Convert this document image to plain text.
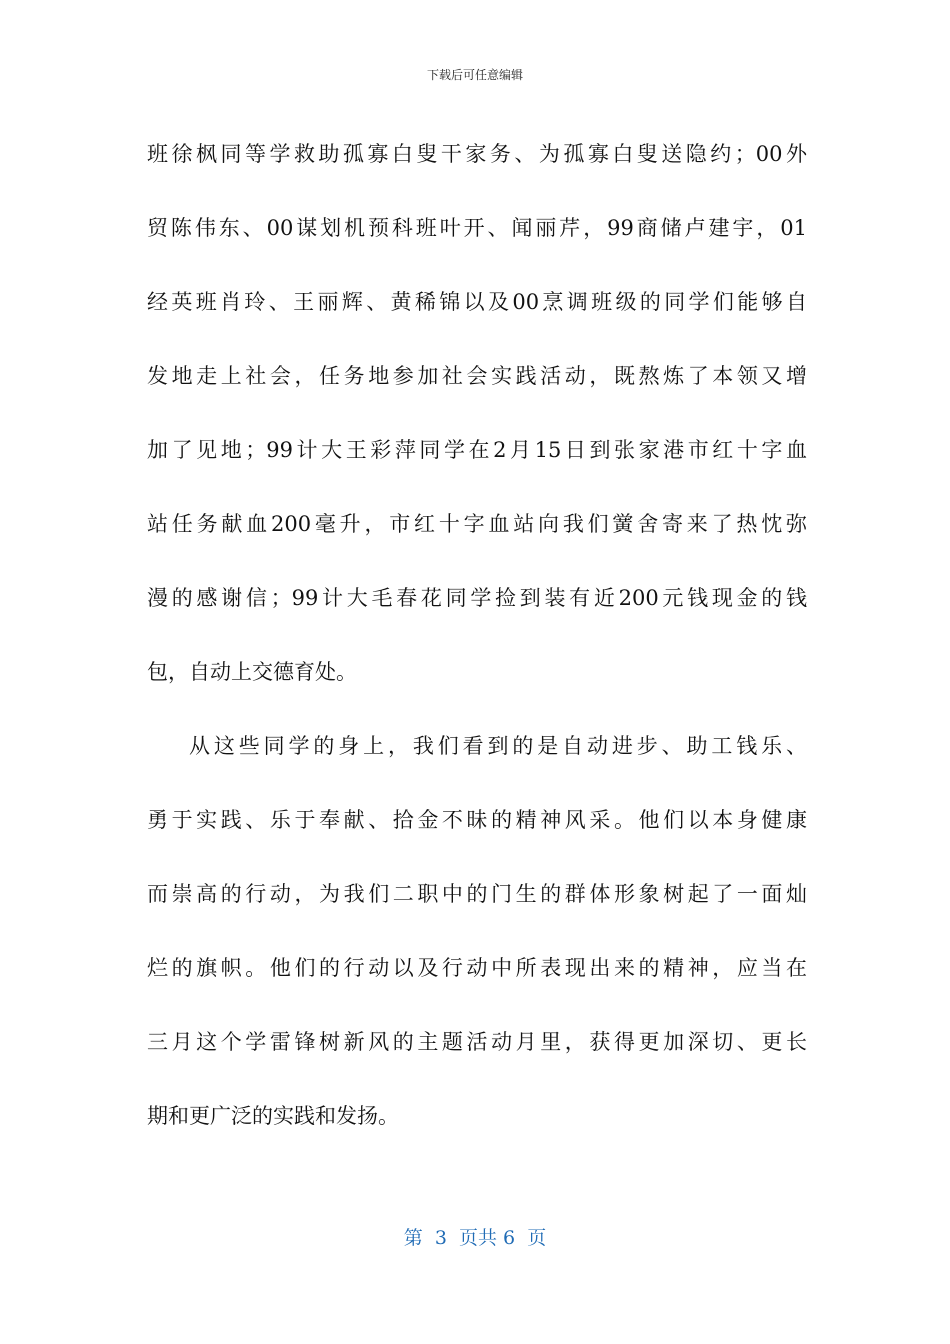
下载后可任意编辑
班徐枫同等学救助孤寡白叟干家务、为孤寡白叟送隐约；00外
贸陈伟东、00谋划机预科班叶开、闻丽芹，99商储卢建宇，01
经英班肖玲、王丽辉、黄稀锦以及00烹调班级的同学们能够自
发地走上社会，任务地参加社会实践活动，既熬炼了本领又增
加了见地；99计大王彩萍同学在2月15日到张家港市红十字血
站任务献血200毫升，市红十字血站向我们黉舍寄来了热忱弥
漫的感谢信；99计大毛春花同学捡到装有近200元钱现金的钱
包，自动上交德育处。
从这些同学的身上，我们看到的是自动进步、助工钱乐、
勇于实践、乐于奉献、拾金不昧的精神风采。他们以本身健康
而崇高的行动，为我们二职中的门生的群体形象树起了一面灿
烂的旗帜。他们的行动以及行动中所表现出来的精神，应当在
三月这个学雷锋树新风的主题活动月里，获得更加深切、更长
期和更广泛的实践和发扬。
第  3  页共 6  页
